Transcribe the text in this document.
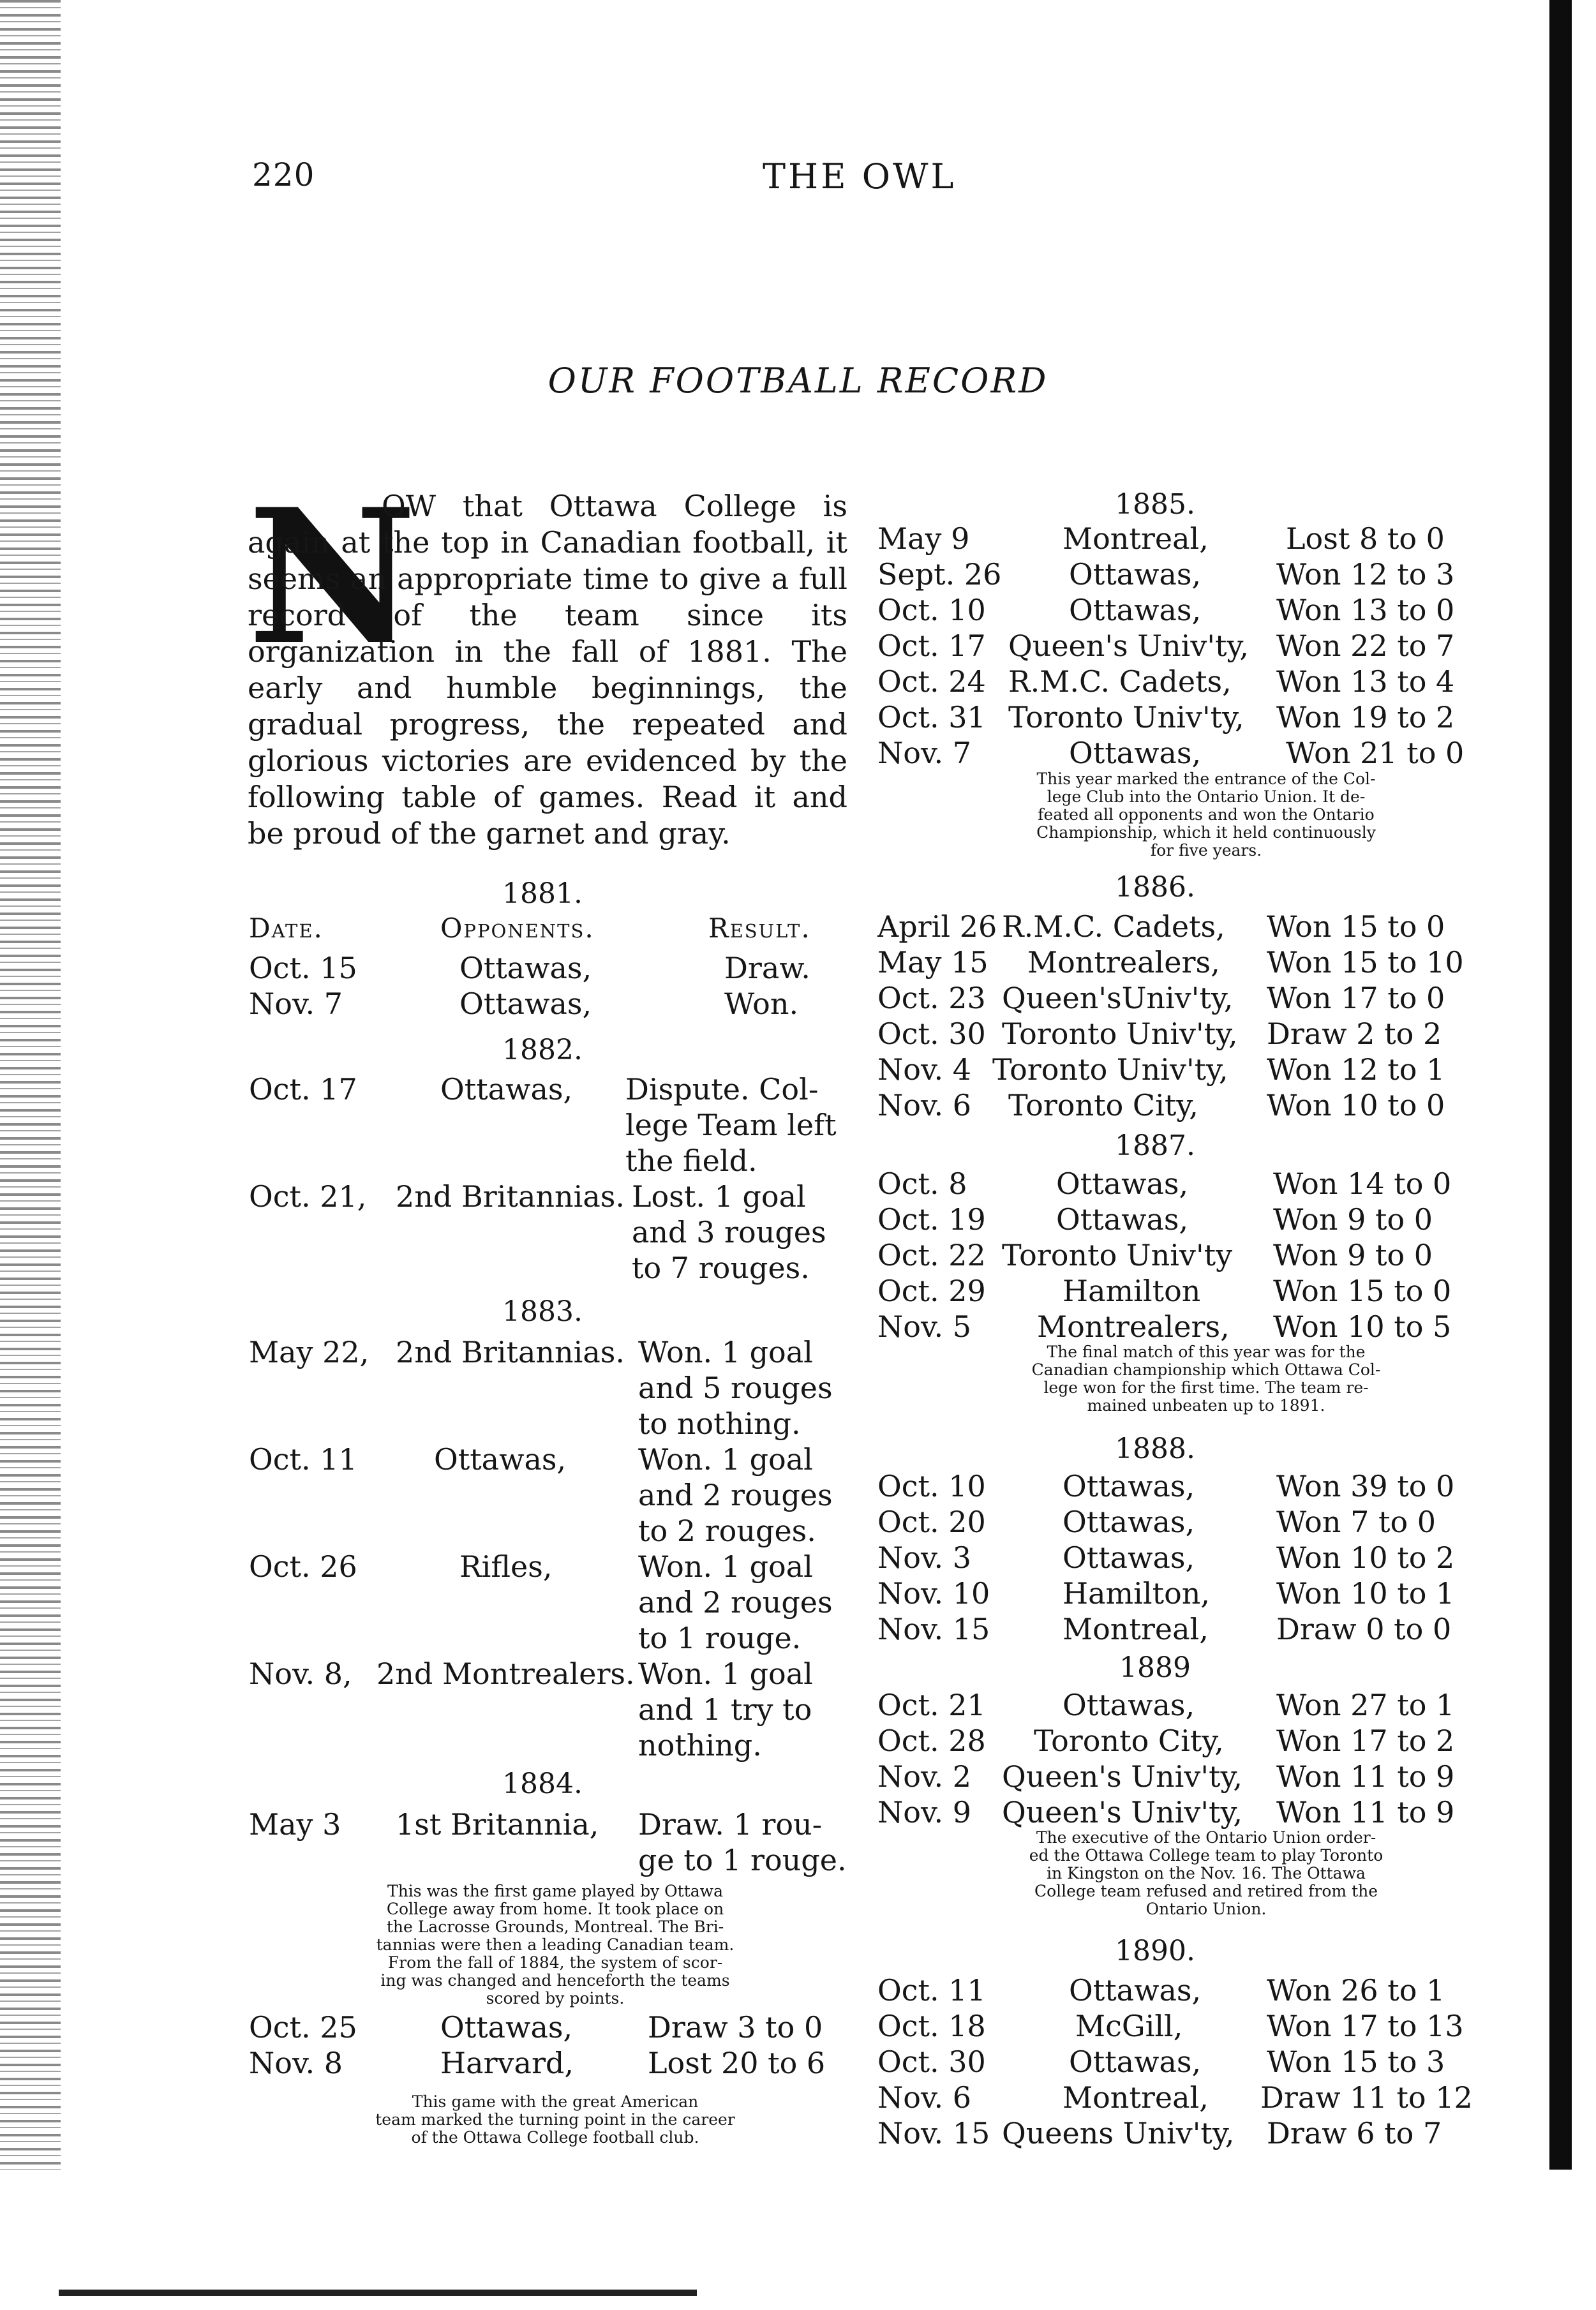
220	THE OWL
OUR FOOTBALL RECORD
N
OW that Ottawa College is again at the top in Canadian football, it seems an appropriate time to give a full record of the team since its organization in the fall of 1881. The early and humble beginnings, the gradual progress, the repeated and glorious victories are evidenced by the following table of games. Read it and be proud of the garnet and gray.
1881.
Date.	Opponents.	Result.
Oct. 15	Ottawas,	Draw.
Nov. 7	Ottawas,	Won.
1882.
Oct. 17	Ottawas, Dispute. Col-
lege Team left
the field.
Oct. 21, 2nd Britannias. Lost. 1 goal
and 3 rouges
to 7 rouges.
1883.
May 22, 2nd Britannias. Won. 1 goal
and 5 rouges
to nothing.
Oct. 11	Ottawas, Won. 1 goal
and 2 rouges
to 2 rouges.
Oct. 26	Rifles,	Won. 1 goal
and 2 rouges
to 1 rouge.
Nov. 8, 2nd Montrealers. Won. 1 goal
and 1 try to
nothing.
1884.
May 3 1st Britannia, Draw. 1 rou-
ge to 1 rouge.
This was the first game played by Ottawa
College away from home. It took place on
the Lacrosse Grounds, Montreal. The Bri-
tannias were then a leading Canadian team.
From the fall of 1884, the system of scor-
ing was changed and henceforth the teams
scored by points.
Oct. 25	Ottawas,	Draw 3 to 0
Nov. 8	Harvard,	Lost 20 to 6
This game with the great American
team marked the turning point in the career
of the Ottawa College football club.
1885.
May 9	Montreal,	Lost 8 to 0
Sept. 26 Ottawas,	Won 12 to 3
Oct. 10	Ottawas,	Won 13 to 0
Oct. 17 Queen's Univ'ty, Won 22 to 7
Oct. 24 R.M.C. Cadets, Won 13 to 4
Oct. 31 Toronto Univ'ty, Won 19 to 2
Nov. 7	Ottawas,	Won 21 to 0
This year marked the entrance of the Col-
lege Club into the Ontario Union. It de-
feated all opponents and won the Ontario
Championship, which it held continuously
for five years.
1886.
April 26 R.M.C. Cadets, Won 15 to 0
May 15 Montrealers, Won 15 to 10
Oct. 23 Queen'sUniv'ty, Won 17 to 0
Oct. 30 Toronto Univ'ty, Draw 2 to 2
Nov. 4 Toronto Univ'ty, Won 12 to 1
Nov. 6 Toronto City, Won 10 to 0
1887.
Oct. 8	Ottawas,	Won 14 to 0
Oct. 19 Ottawas,	Won 9 to 0
Oct. 22 Toronto Univ'ty Won 9 to 0
Oct. 29	Hamilton Won 15 to 0
Nov. 5 Montrealers, Won 10 to 5
The final match of this year was for the
Canadian championship which Ottawa Col-
lege won for the first time. The team re-
mained unbeaten up to 1891.
1888.
Oct. 10	Ottawas,	Won 39 to 0
Oct. 20	Ottawas,	Won 7 to 0
Nov. 3	Ottawas,	Won 10 to 2
Nov. 10 Hamilton, Won 10 to 1
Nov. 15 Montreal, Draw 0 to 0
1889
Oct. 21	Ottawas,	Won 27 to 1
Oct. 28 Toronto City, Won 17 to 2
Nov. 2 Queen's Univ'ty, Won 11 to 9
Nov. 9 Queen's Univ'ty, Won 11 to 9
The executive of the Ontario Union order-
ed the Ottawa College team to play Toronto
in Kingston on the Nov. 16. The Ottawa
College team refused and retired from the
Ontario Union.
1890.
Oct. 11	Ottawas, Won 26 to 1
Oct. 18	McGill,	Won 17 to 13
Oct. 30	Ottawas, Won 15 to 3
Nov. 6	Montreal, Draw 11 to 12
Nov. 15 Queens Univ'ty, Draw 6 to 7
